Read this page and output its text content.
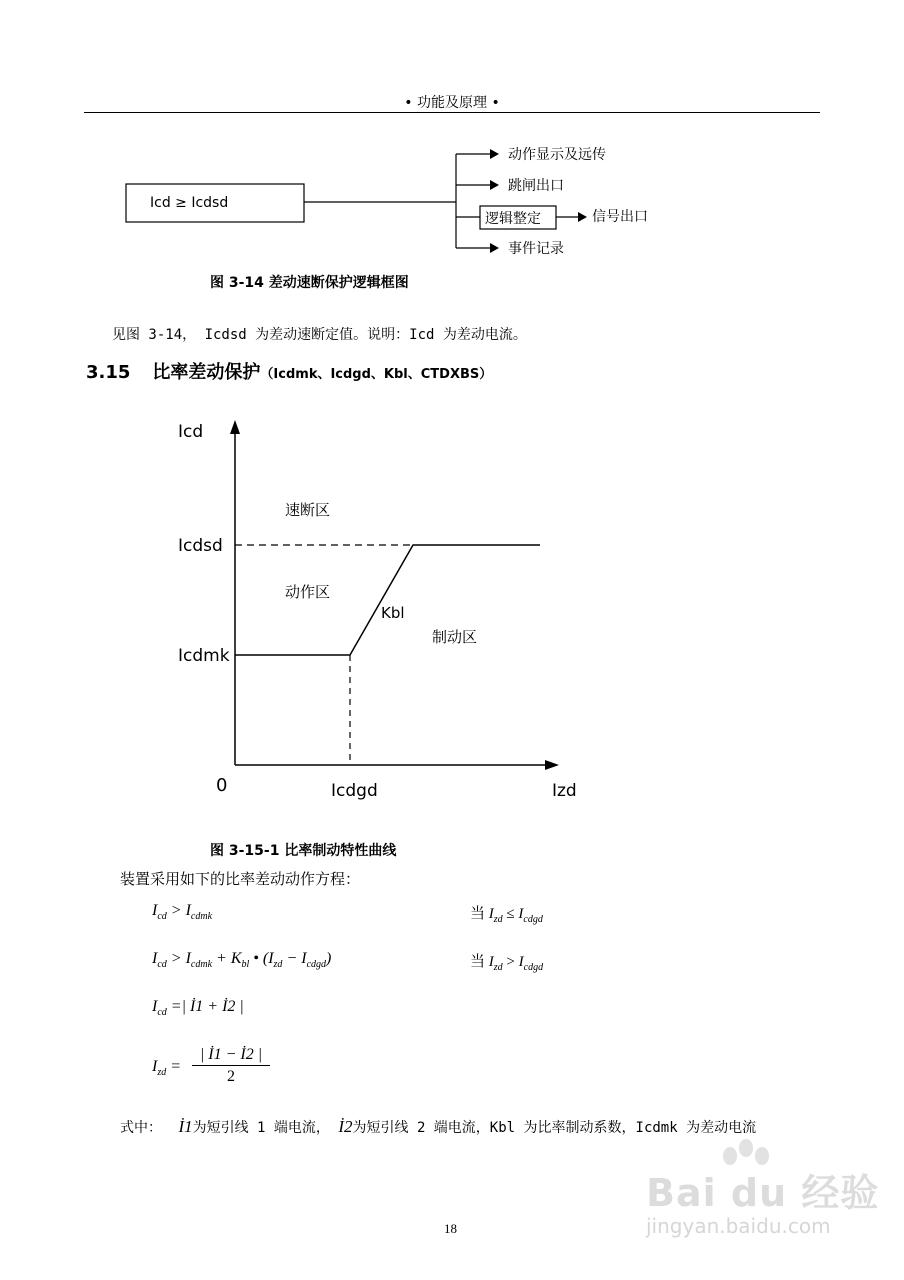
• 功能及原理 •
Icd ≥ Icdsd
动作显示及远传
跳闸出口
逻辑整定	信号出口
事件记录
图 3-14 差动速断保护逻辑框图
见图 3-14， Icdsd 为差动速断定值。说明：Icd 为差动电流。
3.15 比率差动保护（Icdmk、Icdgd、Kbl、CTDXBS）
Icd
Icdsd
Icdmk
0	Icdgd	Izd
Kbl
速断区
动作区
制动区
图 3-15-1 比率制动特性曲线
装置采用如下的比率差动动作方程：
$I_{cd} > I_{cdmk}$	当 $I_{zd} \le I_{cdgd}$
$I_{cd} > I_{cdmk} + K_{bl}$ • $(I_{zd} - I_{cdgd})$	当 $I_{zd} > I_{cdgd}$
$I_{cd}$ =| İ1 + İ2 |
$I_{zd} = \frac{| İ1 - İ2 |}{2}$
式中： İ1为短引线 1 端电流， İ2为短引线 2 端电流，Kbl 为比率制动系数，Icdmk 为差动电流
Bai du 经验
jingyan.baidu.com
18
